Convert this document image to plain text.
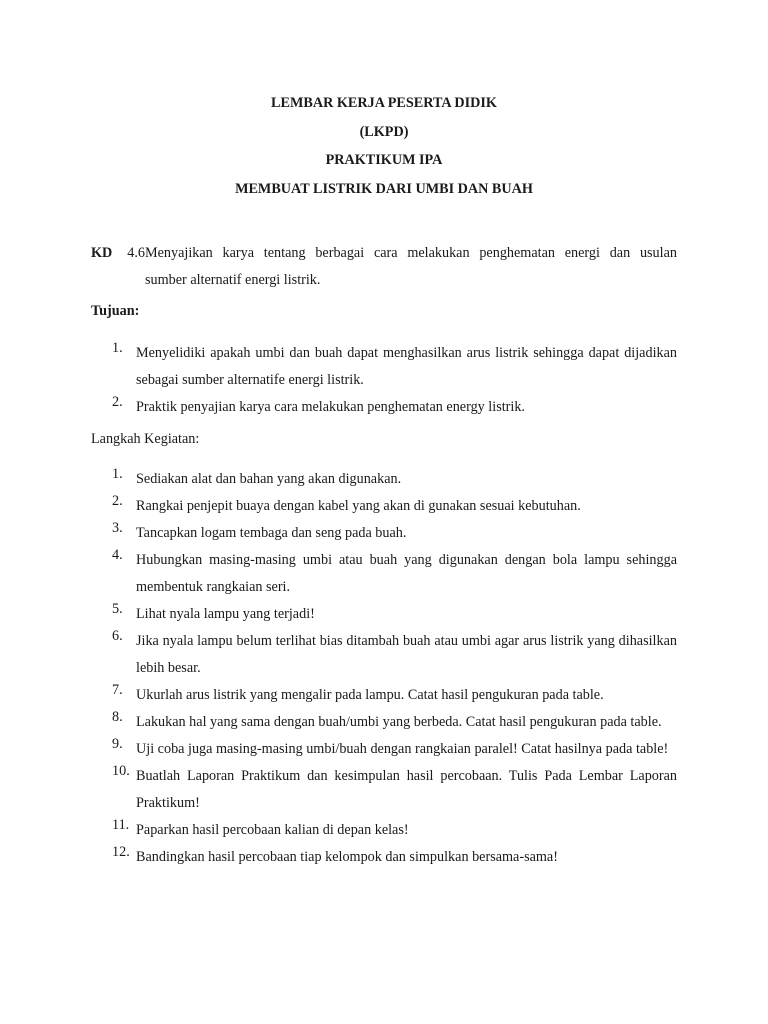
LEMBAR KERJA PESERTA DIDIK

(LKPD)

PRAKTIKUM IPA

MEMBUAT LISTRIK DARI UMBI DAN BUAH

KD 4.6 Menyajikan karya tentang berbagai cara melakukan penghematan energi dan usulan
sumber alternatif energi listrik.
Tujuan:
1. Menyelidiki apakah umbi dan buah dapat menghasilkan arus listrik sehingga dapat dijadikan sebagai sumber alternatife energi listrik.
2. Praktik penyajian karya cara melakukan penghematan energy listrik.
Langkah Kegiatan:
1. Sediakan alat dan bahan yang akan digunakan.
2. Rangkai penjepit buaya dengan kabel yang akan di gunakan sesuai kebutuhan.
3. Tancapkan logam tembaga dan seng pada buah.
4. Hubungkan masing-masing umbi atau buah yang digunakan dengan bola lampu sehingga membentuk rangkaian seri.
5. Lihat nyala lampu yang terjadi!
6. Jika nyala lampu belum terlihat bias ditambah buah atau umbi agar arus listrik yang dihasilkan lebih besar.
7. Ukurlah arus listrik yang mengalir pada lampu. Catat hasil pengukuran pada table.
8. Lakukan hal yang sama dengan buah/umbi yang berbeda. Catat hasil pengukuran pada table.
9. Uji coba juga masing-masing umbi/buah dengan rangkaian paralel! Catat hasilnya pada table!
10. Buatlah Laporan Praktikum dan kesimpulan hasil percobaan. Tulis Pada Lembar Laporan Praktikum!
11. Paparkan hasil percobaan kalian di depan kelas!
12. Bandingkan hasil percobaan tiap kelompok dan simpulkan bersama-sama!
